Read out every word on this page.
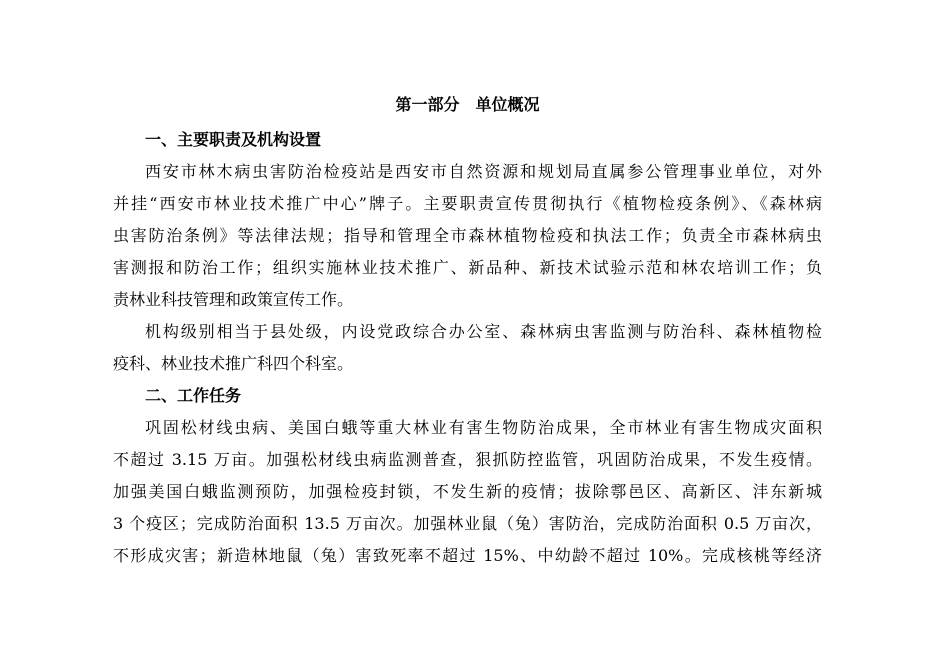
第一部分　单位概况
一、主要职责及机构设置
西安市林木病虫害防治检疫站是西安市自然资源和规划局直属参公管理事业单位，对外
并挂“西安市林业技术推广中心”牌子。主要职责宣传贯彻执行《植物检疫条例》、《森林病
虫害防治条例》等法律法规；指导和管理全市森林植物检疫和执法工作；负责全市森林病虫
害测报和防治工作；组织实施林业技术推广、新品种、新技术试验示范和林农培训工作；负
责林业科技管理和政策宣传工作。
机构级别相当于县处级，内设党政综合办公室、森林病虫害监测与防治科、森林植物检
疫科、林业技术推广科四个科室。
二、工作任务
巩固松材线虫病、美国白蛾等重大林业有害生物防治成果，全市林业有害生物成灾面积
不超过 3.15 万亩。加强松材线虫病监测普查，狠抓防控监管，巩固防治成果，不发生疫情。
加强美国白蛾监测预防，加强检疫封锁，不发生新的疫情；拔除鄠邑区、高新区、沣东新城
3 个疫区；完成防治面积 13.5 万亩次。加强林业鼠（兔）害防治，完成防治面积 0.5 万亩次，
不形成灾害；新造林地鼠（兔）害致死率不超过 15%、中幼龄不超过 10%。完成核桃等经济
